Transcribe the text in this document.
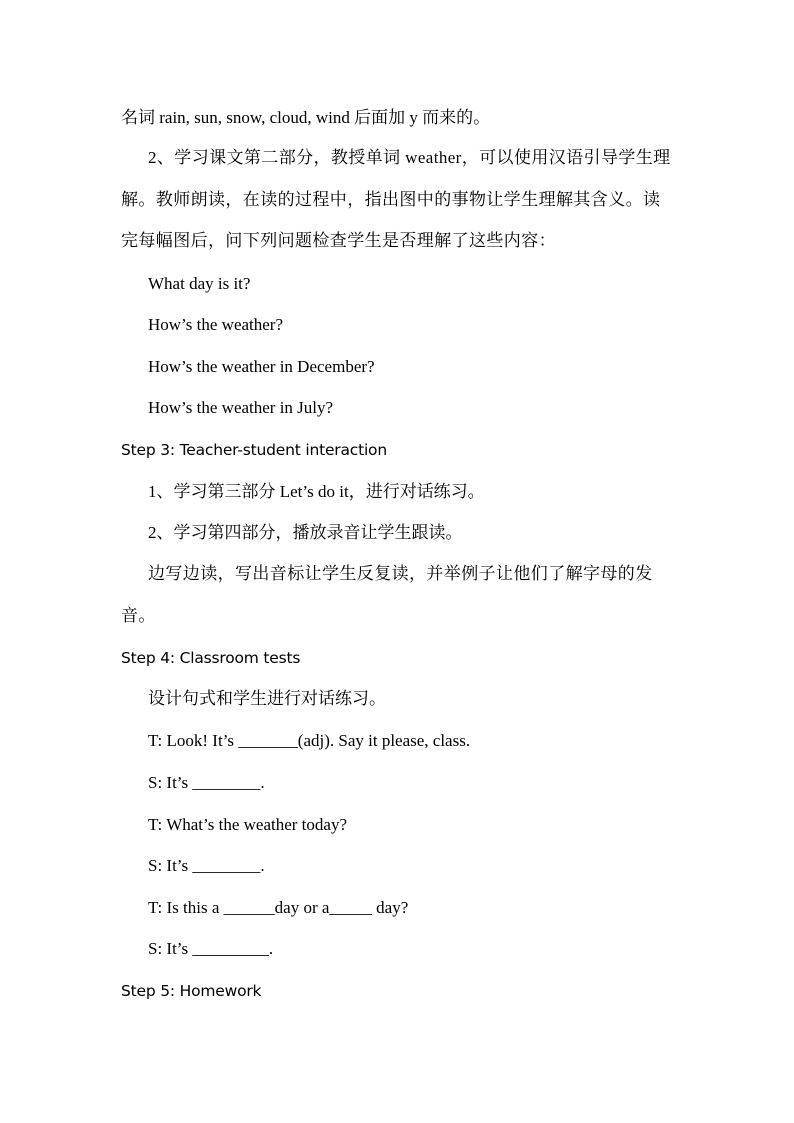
名词 rain, sun, snow, cloud, wind 后面加 y 而来的。
2、学习课文第二部分，教授单词 weather，可以使用汉语引导学生理解。教师朗读，在读的过程中，指出图中的事物让学生理解其含义。读完每幅图后，问下列问题检查学生是否理解了这些内容：
What day is it?
How’s the weather?
How’s the weather in December?
How’s the weather in July?
Step 3: Teacher-student interaction
1、学习第三部分 Let’s do it，进行对话练习。
2、学习第四部分，播放录音让学生跟读。
边写边读，写出音标让学生反复读，并举例子让他们了解字母的发音。
Step 4: Classroom tests
设计句式和学生进行对话练习。
T: Look! It’s _______(adj). Say it please, class.
S: It’s ________.
T: What’s the weather today?
S: It’s ________.
T: Is this a ______day or a_____ day?
S: It’s _________.
Step 5: Homework
